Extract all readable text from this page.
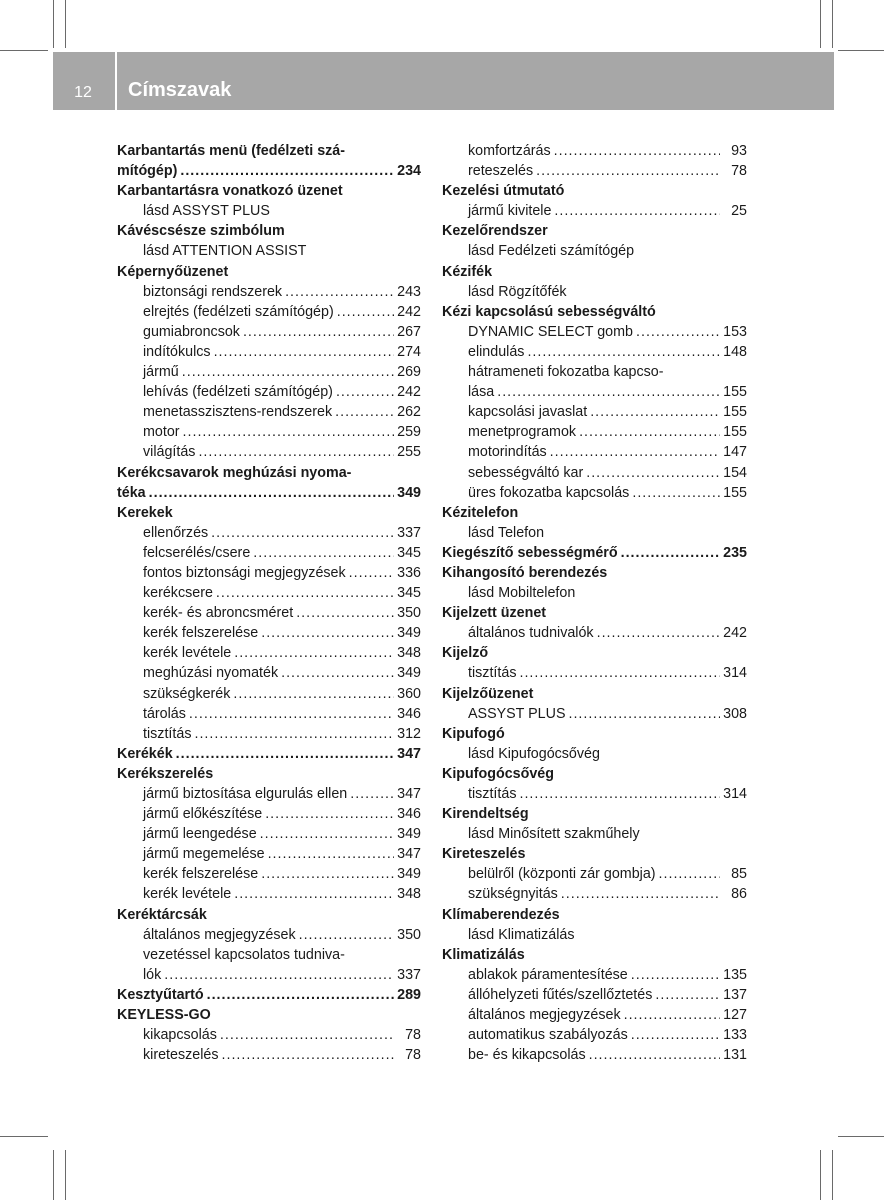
12	Címszavak
Karbantartás menü (fedélzeti szá-
mítógép) .....	234
Karbantartásra vonatkozó üzenet
lásd ASSYST PLUS
Kávéscsésze szimbólum
lásd ATTENTION ASSIST
Képernyőüzenet
biztonsági rendszerek .....	243
elrejtés (fedélzeti számítógép) .....	242
gumiabroncsok .....	267
indítókulcs .....	274
jármű .....	269
lehívás (fedélzeti számítógép) .....	242
menetasszisztens-rendszerek .....	262
motor .....	259
világítás .....	255
Kerékcsavarok meghúzási nyoma-
téka .....	349
Kerekek
ellenőrzés .....	337
felcserélés/csere .....	345
fontos biztonsági megjegyzések .....	336
kerékcsere .....	345
kerék- és abroncsméret .....	350
kerék felszerelése .....	349
kerék levétele .....	348
meghúzási nyomaték .....	349
szükségkerék .....	360
tárolás .....	346
tisztítás .....	312
Kerékék .....	347
Kerékszerelés
jármű biztosítása elgurulás ellen .....	347
jármű előkészítése .....	346
jármű leengedése .....	349
jármű megemelése .....	347
kerék felszerelése .....	349
kerék levétele .....	348
Keréktárcsák
általános megjegyzések .....	350
vezetéssel kapcsolatos tudniva-
lók .....	337
Kesztyűtartó .....	289
KEYLESS-GO
kikapcsolás .....	78
kireteszelés .....	78
komfortzárás .....	93
reteszelés .....	78
Kezelési útmutató
jármű kivitele .....	25
Kezelőrendszer
lásd Fedélzeti számítógép
Kézifék
lásd Rögzítőfék
Kézi kapcsolású sebességváltó
DYNAMIC SELECT gomb .....	153
elindulás .....	148
hátrameneti fokozatba kapcso-
lása .....	155
kapcsolási javaslat .....	155
menetprogramok .....	155
motorindítás .....	147
sebességváltó kar .....	154
üres fokozatba kapcsolás .....	155
Kézitelefon
lásd Telefon
Kiegészítő sebességmérő .....	235
Kihangosító berendezés
lásd Mobiltelefon
Kijelzett üzenet
általános tudnivalók .....	242
Kijelző
tisztítás .....	314
Kijelzőüzenet
ASSYST PLUS .....	308
Kipufogó
lásd Kipufogócsővég
Kipufogócsővég
tisztítás .....	314
Kirendeltség
lásd Minősített szakműhely
Kireteszelés
belülről (központi zár gombja) .....	85
szükségnyitás .....	86
Klímaberendezés
lásd Klimatizálás
Klimatizálás
ablakok páramentesítése .....	135
állóhelyzeti fűtés/szellőztetés .....	137
általános megjegyzések .....	127
automatikus szabályozás .....	133
be- és kikapcsolás .....	131
